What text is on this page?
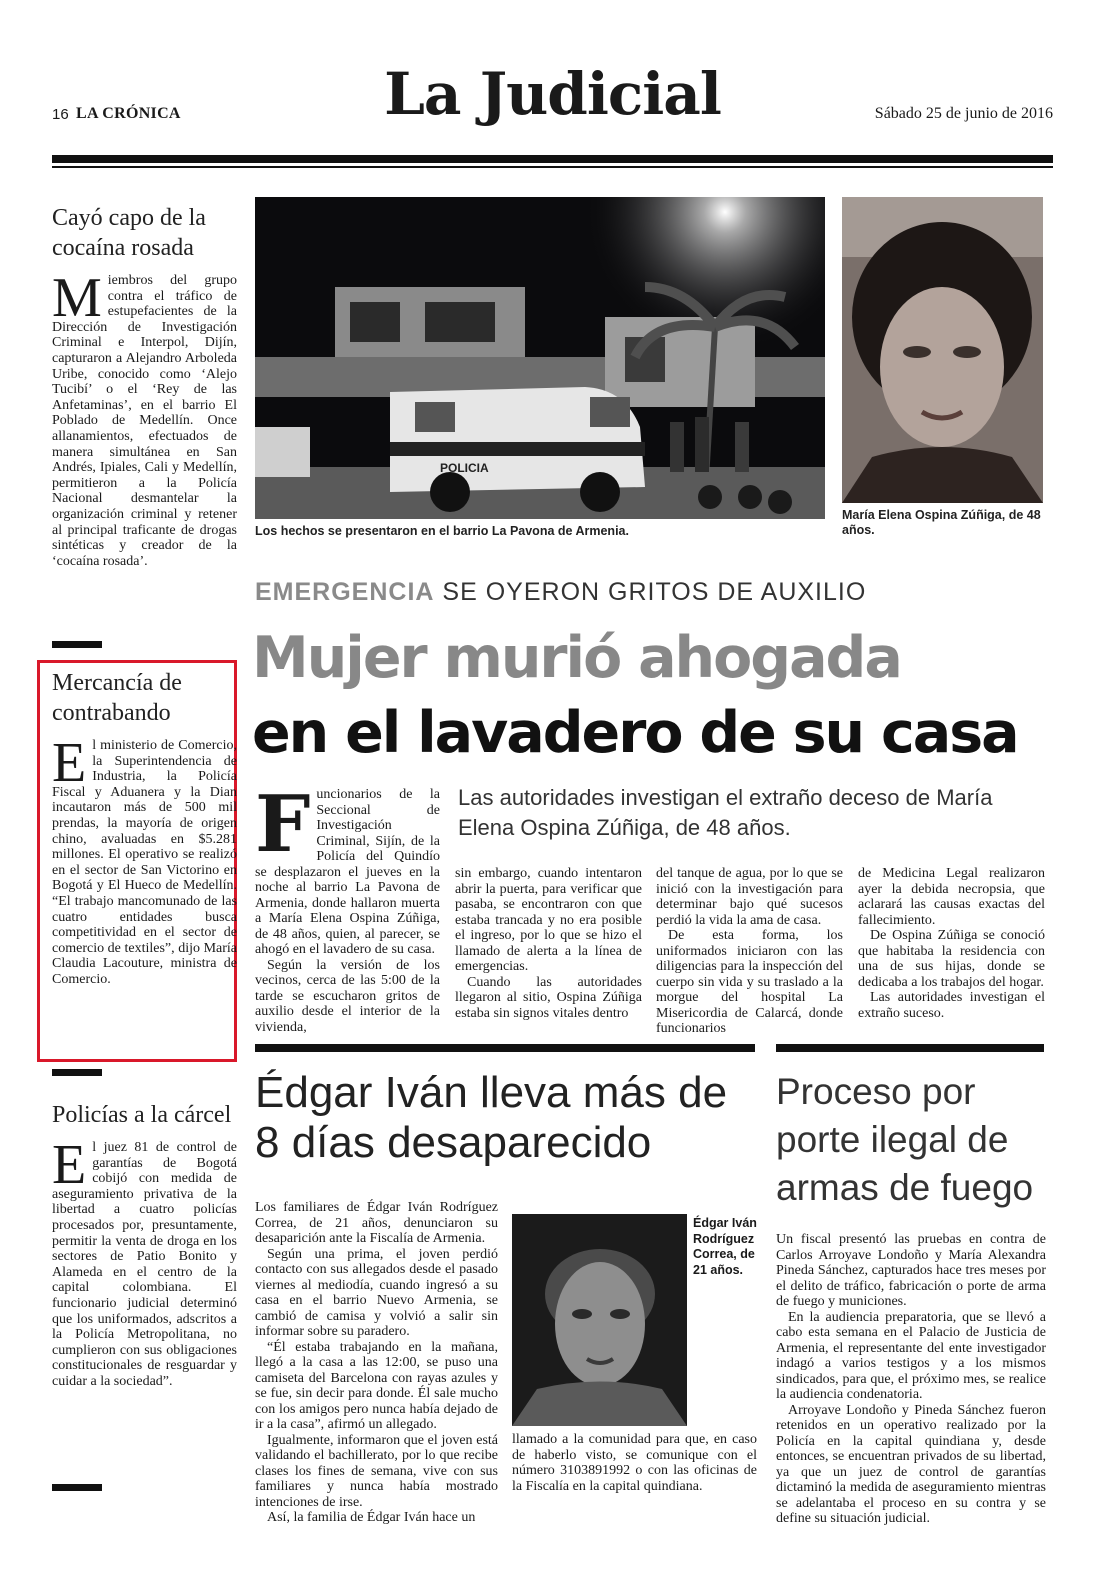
16 LA CRÓNICA	La Judicial	Sábado 25 de junio de 2016
Cayó capo de la cocaína rosada
Miembros del grupo contra el tráfico de estupefacientes de la Dirección de Investigación Criminal e Interpol, Dijín, capturaron a Alejandro Arboleda Uribe, conocido como ‘Alejo Tucibí’ o el ‘Rey de las Anfetaminas’, en el barrio El Poblado de Medellín. Once allanamientos, efectuados de manera simultánea en San Andrés, Ipiales, Cali y Medellín, permitieron a la Policía Nacional desmantelar la organización criminal y retener al principal traficante de drogas sintéticas y creador de la ‘cocaína rosada’.
Mercancía de contrabando
El ministerio de Comercio, la Superintendencia de Industria, la Policía Fiscal y Aduanera y la Dian incautaron más de 500 mil prendas, la mayoría de origen chino, avaluadas en $5.281 millones. El operativo se realizó en el sector de San Victorino en Bogotá y El Hueco de Medellín. “El trabajo mancomunado de las cuatro entidades busca competitividad en el sector de comercio de textiles”, dijo María Claudia Lacouture, ministra de Comercio.
Policías a la cárcel
El juez 81 de control de garantías de Bogotá cobijó con medida de aseguramiento privativa de la libertad a cuatro policías procesados por, presuntamente, permitir la venta de droga en los sectores de Patio Bonito y Alameda en el centro de la capital colombiana. El funcionario judicial determinó que los uniformados, adscritos a la Policía Metropolitana, no cumplieron con sus obligaciones constitucionales de resguardar y cuidar a la sociedad”.
POLICIA
Los hechos se presentaron en el barrio La Pavona de Armenia.
María Elena Ospina Zúñiga, de 48 años.
EMERGENCIA SE OYERON GRITOS DE AUXILIO
Mujer murió ahogada
en el lavadero de su casa

Funcionarios de la Seccional de Investigación Criminal, Sijín, de la Policía del Quindío se desplazaron el jueves en la noche al barrio La Pavona de Armenia, donde hallaron muerta a María Elena Ospina Zúñiga, de 48 años, quien, al parecer, se ahogó en el lavadero de su casa.

Según la versión de los vecinos, cerca de las 5:00 de la tarde se escucharon gritos de auxilio desde el interior de la vivienda,

Las autoridades investigan el extraño deceso de María Elena Ospina Zúñiga, de 48 años.

sin embargo, cuando intentaron abrir la puerta, para verificar que pasaba, se encontraron con que estaba trancada y no era posible el ingreso, por lo que se hizo el llamado de alerta a la línea de emergencias.

Cuando las autoridades llegaron al sitio, Ospina Zúñiga estaba sin signos vitales dentro

del tanque de agua, por lo que se inició con la investigación para determinar bajo qué sucesos perdió la vida la ama de casa.

De esta forma, los uniformados iniciaron con las diligencias para la inspección del cuerpo sin vida y su traslado a la morgue del hospital La Misericordia de Calarcá, donde funcionarios

de Medicina Legal realizaron ayer la debida necropsia, que aclarará las causas exactas del fallecimiento.

De Ospina Zúñiga se conoció que habitaba la residencia con una de sus hijas, donde se dedicaba a los trabajos del hogar.

Las autoridades investigan el extraño suceso.

Édgar Iván lleva más de 8 días desaparecido

Los familiares de Édgar Iván Rodríguez Correa, de 21 años, denunciaron su desaparición ante la Fiscalía de Armenia.

Según una prima, el joven perdió contacto con sus allegados desde el pasado viernes al mediodía, cuando ingresó a su casa en el barrio Nuevo Armenia, se cambió de camisa y volvió a salir sin informar sobre su paradero.

“Él estaba trabajando en la mañana, llegó a la casa a las 12:00, se puso una camiseta del Barcelona con rayas azules y se fue, sin decir para donde. Él sale mucho con los amigos pero nunca había dejado de ir a la casa”, afirmó un allegado.

Igualmente, informaron que el joven está validando el bachillerato, por lo que recibe clases los fines de semana, vive con sus familiares y nunca había mostrado intenciones de irse.

Así, la familia de Édgar Iván hace un

Édgar Iván Rodríguez Correa, de 21 años.

llamado a la comunidad para que, en caso de haberlo visto, se comunique con el número 3103891992 o con las oficinas de la Fiscalía en la capital quindiana.

Proceso por porte ilegal de armas de fuego

Un fiscal presentó las pruebas en contra de Carlos Arroyave Londoño y María Alexandra Pineda Sánchez, capturados hace tres meses por el delito de tráfico, fabricación o porte de arma de fuego y municiones.

En la audiencia preparatoria, que se llevó a cabo esta semana en el Palacio de Justicia de Armenia, el representante del ente investigador indagó a varios testigos y a los mismos sindicados, para que, el próximo mes, se realice la audiencia condenatoria.

Arroyave Londoño y Pineda Sánchez fueron retenidos en un operativo realizado por la Policía en la capital quindiana y, desde entonces, se encuentran privados de su libertad, ya que un juez de control de garantías dictaminó la medida de aseguramiento mientras se adelantaba el proceso en su contra y se define su situación judicial.
